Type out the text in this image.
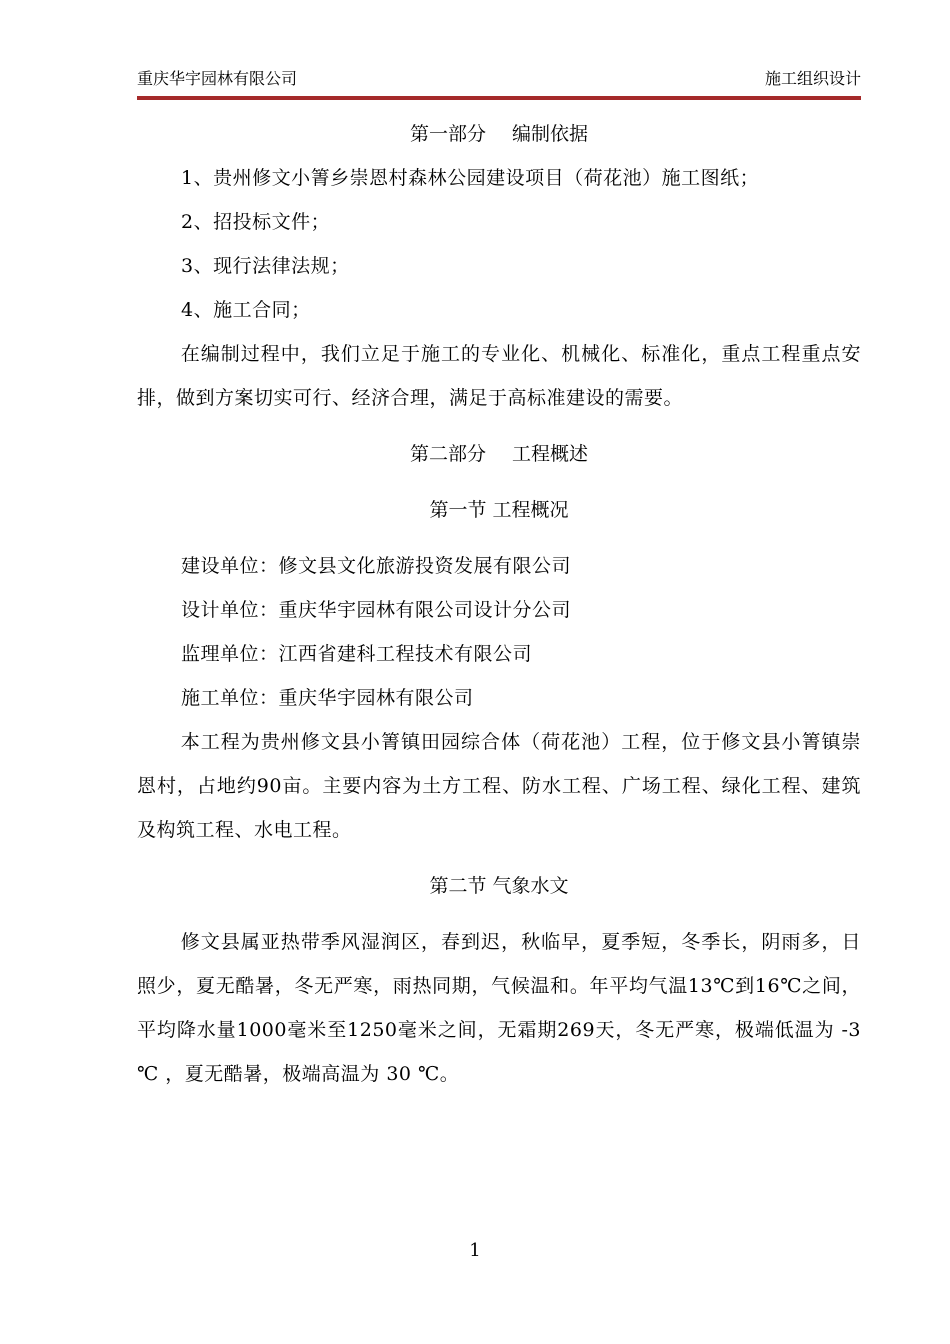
重庆华宇园林有限公司	施工组织设计

第一部分 编制依据

1、贵州修文小箐乡崇恩村森林公园建设项目（荷花池）施工图纸；

2、招投标文件；

3、现行法律法规；

4、施工合同；

在编制过程中，我们立足于施工的专业化、机械化、标准化，重点工程重点安排，做到方案切实可行、经济合理，满足于高标准建设的需要。

第二部分 工程概述

第一节 工程概况

建设单位：修文县文化旅游投资发展有限公司

设计单位：重庆华宇园林有限公司设计分公司

监理单位：江西省建科工程技术有限公司

施工单位：重庆华宇园林有限公司

本工程为贵州修文县小箐镇田园综合体（荷花池）工程，位于修文县小箐镇崇恩村，占地约90亩。主要内容为土方工程、防水工程、广场工程、绿化工程、建筑及构筑工程、水电工程。

第二节 气象水文

修文县属亚热带季风湿润区，春到迟，秋临早，夏季短，冬季长，阴雨多，日照少，夏无酷暑，冬无严寒，雨热同期，气候温和。年平均气温13℃到16℃之间，平均降水量1000毫米至1250毫米之间，无霜期269天，冬无严寒，极端低温为 -3 ℃ ，夏无酷暑，极端高温为 30 ℃。

1
